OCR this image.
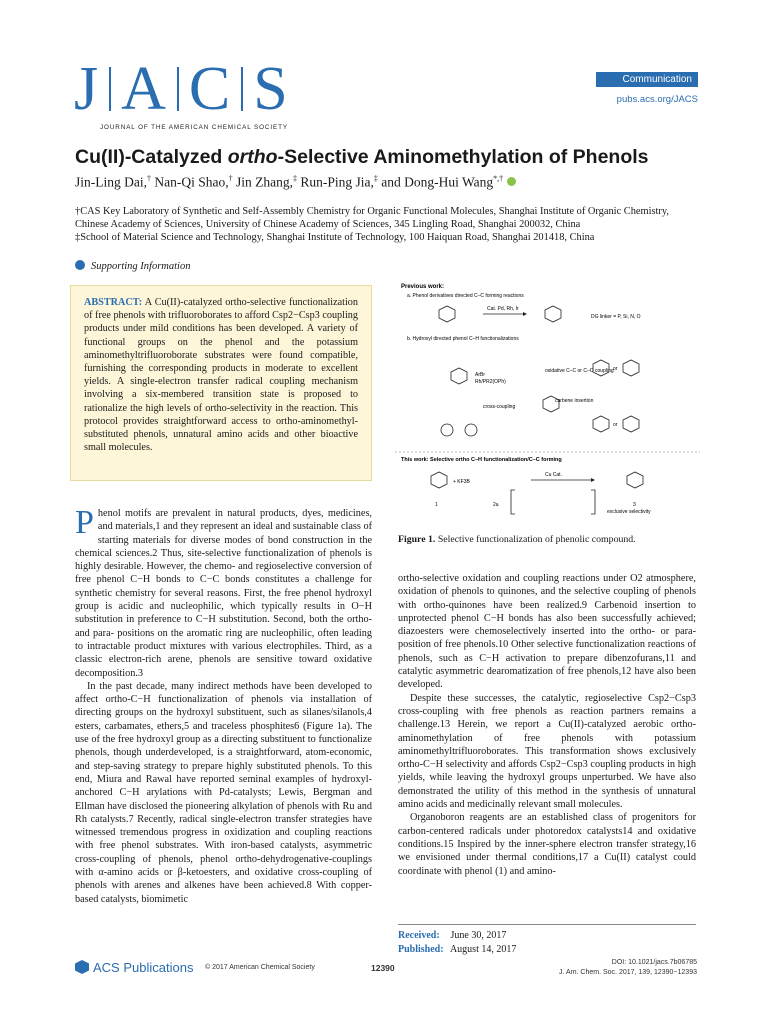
J A C S
JOURNAL OF THE AMERICAN CHEMICAL SOCIETY
Communication
pubs.acs.org/JACS
Cu(II)-Catalyzed ortho-Selective Aminomethylation of Phenols
Jin-Ling Dai,† Nan-Qi Shao,† Jin Zhang,‡ Run-Ping Jia,‡ and Dong-Hui Wang*,†

†CAS Key Laboratory of Synthetic and Self-Assembly Chemistry for Organic Functional Molecules, Shanghai Institute of Organic Chemistry, Chinese Academy of Sciences, University of Chinese Academy of Sciences, 345 Lingling Road, Shanghai 200032, China

‡School of Material Science and Technology, Shanghai Institute of Technology, 100 Haiquan Road, Shanghai 201418, China

Supporting Information
ABSTRACT: A Cu(II)-catalyzed ortho-selective functionalization of free phenols with trifluoroborates to afford Csp2−Csp3 coupling products under mild conditions has been developed. A variety of functional groups on the phenol and the potassium aminomethyltrifluoroborate substrates were found compatible, furnishing the corresponding products in moderate to excellent yields. A single-electron transfer radical coupling mechanism involving a six-membered transition state is proposed to rationalize the high levels of ortho-selectivity in the reaction. This protocol provides straightforward access to ortho-aminomethyl-substituted phenols, unnatural amino acids and other bioactive small molecules.
Previous work:
a. Phenol derivatives directed C–C forming reactions
Cat. Pd, Rh, Ir
DG linker = P, Si, N, O
b. Hydroxyl directed phenol C–H functionalizations
ArBr
Rh/PR2(OPh)
oxidative C–C or C–O coupling or
carbene insertion
cross-coupling
or
This work: Selective ortho C–H functionalization/C–C forming
+ KF3B
Cu Cat.
1	2a	3
exclusive selectivity
Figure 1. Selective functionalization of phenolic compound.

Phenol motifs are prevalent in natural products, dyes, medicines, and materials,1 and they represent an ideal and sustainable class of starting materials for diverse modes of bond construction in the chemical sciences.2 Thus, site-selective functionalization of phenols is highly desirable. However, the chemo- and regioselective conversion of free phenol C−H bonds to C−C bonds constitutes a challenge for synthetic chemistry for several reasons. First, the free phenol hydroxyl group is acidic and nucleophilic, which typically results in O−H substitution in preference to C−H substitution. Second, both the ortho- and para- positions on the aromatic ring are nucleophilic, often leading to intractable product mixtures with various electrophiles. Third, as a classic electron-rich arene, phenols are sensitive toward oxidative decomposition.3

In the past decade, many indirect methods have been developed to affect ortho-C−H functionalization of phenols via installation of directing groups on the hydroxyl substituent, such as silanes/silanols,4 esters, carbamates, ethers,5 and traceless phosphites6 (Figure 1a). The use of the free hydroxyl group as a directing substituent to functionalize phenols, though underdeveloped, is a straightforward, atom-economic, and step-saving strategy to prepare highly substituted phenols. To this end, Miura and Rawal have reported seminal examples of hydroxyl-anchored C−H arylations with Pd-catalysts; Lewis, Bergman and Ellman have disclosed the pioneering alkylation of phenols with Ru and Rh catalysts.7 Recently, radical single-electron transfer strategies have witnessed tremendous progress in oxidization and coupling reactions with free phenol substrates. With iron-based catalysts, asymmetric cross-coupling of phenols, phenol ortho-dehydrogenative-couplings with α-amino acids or β-ketoesters, and oxidative cross-coupling of phenols with arenes and alkenes have been achieved.8 With copper-based catalysts, biomimetic

ortho-selective oxidation and coupling reactions under O2 atmosphere, oxidation of phenols to quinones, and the selective coupling of phenols with ortho-quinones have been realized.9 Carbenoid insertion to unprotected phenol C−H bonds has also been successfully achieved; diazoesters were chemoselectively inserted into the ortho- or para-position of free phenols.10 Other selective functionalization reactions of phenols, such as C−H activation to prepare dibenzofurans,11 and catalytic asymmetric dearomatization of free phenols,12 have also been developed.

Despite these successes, the catalytic, regioselective Csp2−Csp3 cross-coupling with free phenols as reaction partners remains a challenge.13 Herein, we report a Cu(II)-catalyzed aerobic ortho-aminomethylation of free phenols with potassium aminomethyltrifluoroborates. This transformation shows exclusively ortho-C−H selectivity and affords Csp2−Csp3 coupling products in high yields, while leaving the hydroxyl groups unperturbed. We have also demonstrated the utility of this method in the synthesis of unnatural amino acids and medicinally relevant small molecules.

Organoboron reagents are an established class of progenitors for carbon-centered radicals under photoredox catalysts14 and oxidative conditions.15 Inspired by the inner-sphere electron transfer strategy,16 we envisioned under thermal conditions,17 a Cu(II) catalyst could coordinate with phenol (1) and amino-

Received: June 30, 2017
Published: August 14, 2017
ACS Publications © 2017 American Chemical Society	12390
DOI: 10.1021/jacs.7b06785
J. Am. Chem. Soc. 2017, 139, 12390−12393
